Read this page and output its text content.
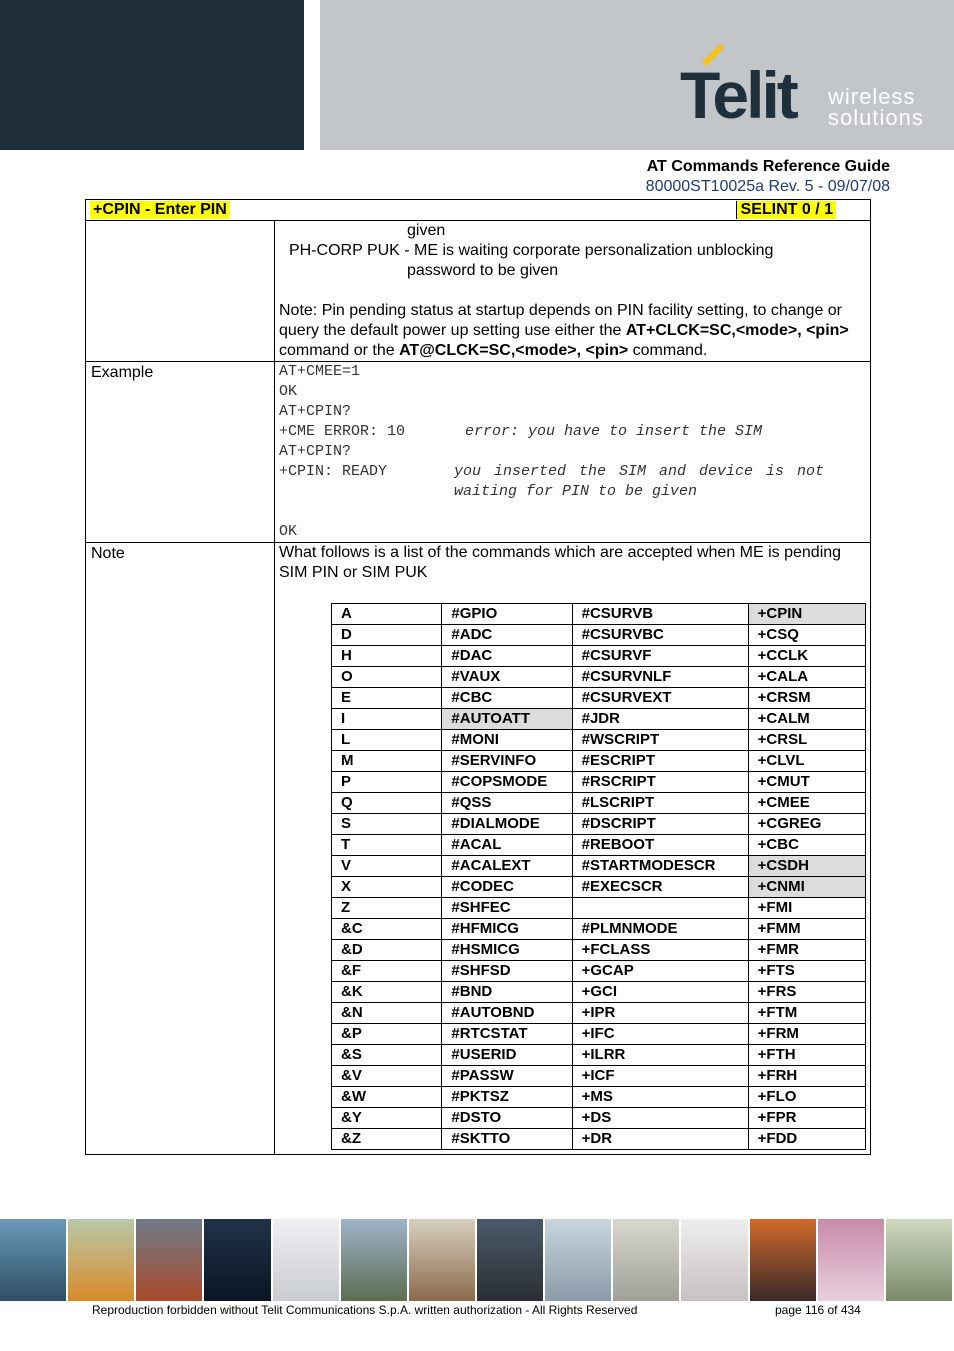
Telit wireless
solutions
AT Commands Reference Guide
80000ST10025a Rev. 5 - 09/07/08
+CPIN - Enter PIN	SELINT 0 / 1

given

PH-CORP PUK - ME is waiting corporate personalization unblocking

password to be given

Note: Pin pending status at startup depends on PIN facility setting, to change or query the default power up setting use either the AT+CLCK=SC,<mode>, <pin> command or the AT@CLCK=SC,<mode>, <pin> command.

Example	AT+CMEE=1

OK

AT+CPIN?

+CME ERROR: 10	error: you have to insert the SIM

AT+CPIN?

+CPIN: READY	you inserted the SIM and device is not

waiting for PIN to be given

OK

Note	What follows is a list of the commands which are accepted when ME is pending SIM PIN or SIM PUK

A	#GPIO	#CSURVB	+CPIN
D	#ADC	#CSURVBC	+CSQ
H	#DAC	#CSURVF	+CCLK
O	#VAUX	#CSURVNLF	+CALA
E	#CBC	#CSURVEXT	+CRSM
I	#AUTOATT	#JDR	+CALM
L	#MONI	#WSCRIPT	+CRSL
M	#SERVINFO	#ESCRIPT	+CLVL
P	#COPSMODE	#RSCRIPT	+CMUT
Q	#QSS	#LSCRIPT	+CMEE
S	#DIALMODE	#DSCRIPT	+CGREG
T	#ACAL	#REBOOT	+CBC
V	#ACALEXT	#STARTMODESCR	+CSDH
X	#CODEC	#EXECSCR	+CNMI
Z	#SHFEC		+FMI
&C	#HFMICG	#PLMNMODE	+FMM
&D	#HSMICG	+FCLASS	+FMR
&F	#SHFSD	+GCAP	+FTS
&K	#BND	+GCI	+FRS
&N	#AUTOBND	+IPR	+FTM
&P	#RTCSTAT	+IFC	+FRM
&S	#USERID	+ILRR	+FTH
&V	#PASSW	+ICF	+FRH
&W	#PKTSZ	+MS	+FLO
&Y	#DSTO	+DS	+FPR
&Z	#SKTTO	+DR	+FDD
Reproduction forbidden without Telit Communications S.p.A. written authorization - All Rights Reserved	page 116 of 434
